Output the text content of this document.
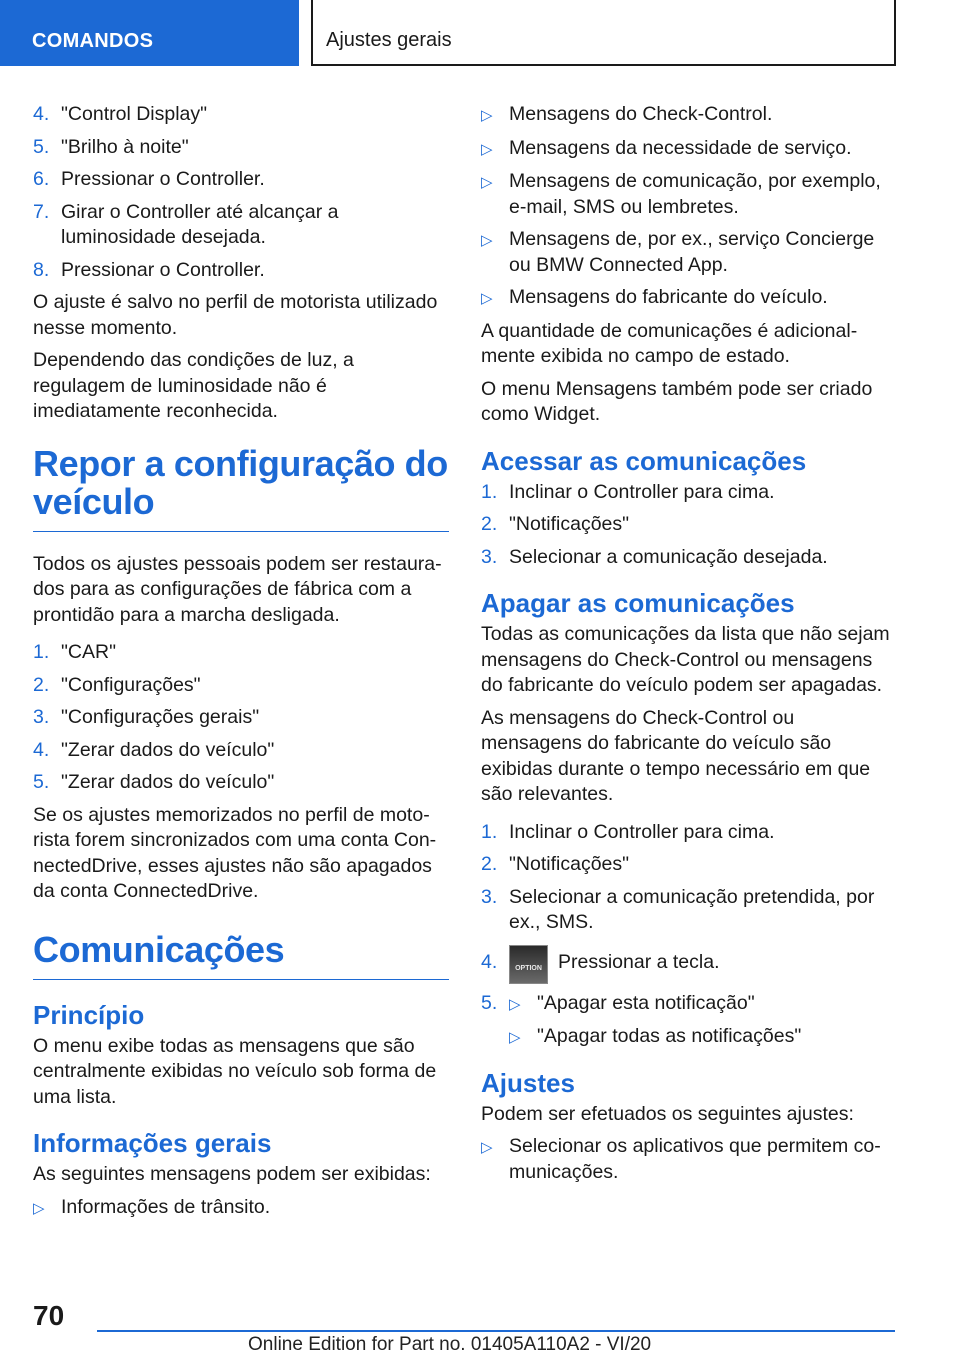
COMANDOS	Ajustes gerais
4. "Control Display"
5. "Brilho à noite"
6. Pressionar o Controller.
7. Girar o Controller até alcançar a luminosidade desejada.
8. Pressionar o Controller.

O ajuste é salvo no perfil de motorista utilizado nesse momento.

Dependendo das condições de luz, a regulagem de luminosidade não é imediatamente reconhecida.

Repor a configuração do veículo

Todos os ajustes pessoais podem ser restaurados para as configurações de fábrica com a prontidão para a marcha desligada.

1. "CAR"
2. "Configurações"
3. "Configurações gerais"
4. "Zerar dados do veículo"
5. "Zerar dados do veículo"

Se os ajustes memorizados no perfil de motorista forem sincronizados com uma conta ConnectedDrive, esses ajustes não são apagados da conta ConnectedDrive.

Comunicações
Princípio

O menu exibe todas as mensagens que são centralmente exibidas no veículo sob forma de uma lista.

Informações gerais

As seguintes mensagens podem ser exibidas:

▷ Informações de trânsito.
▷ Mensagens do Check-Control.
▷ Mensagens da necessidade de serviço.
▷ Mensagens de comunicação, por exemplo, e-mail, SMS ou lembretes.
▷ Mensagens de, por ex., serviço Concierge ou BMW Connected App.
▷ Mensagens do fabricante do veículo.

A quantidade de comunicações é adicionalmente exibida no campo de estado.

O menu Mensagens também pode ser criado como Widget.

Acessar as comunicações
1. Inclinar o Controller para cima.
2. "Notificações"
3. Selecionar a comunicação desejada.
Apagar as comunicações

Todas as comunicações da lista que não sejam mensagens do Check-Control ou mensagens do fabricante do veículo podem ser apagadas.

As mensagens do Check-Control ou mensagens do fabricante do veículo são exibidas durante o tempo necessário em que são relevantes.

1. Inclinar o Controller para cima.
2. "Notificações"
3. Selecionar a comunicação pretendida, por ex., SMS.
4.	OPTION Pressionar a tecla.
5. ▷ "Apagar esta notificação"
▷ "Apagar todas as notificações"
Ajustes

Podem ser efetuados os seguintes ajustes:

▷ Selecionar os aplicativos que permitem comunicações.
70
Online Edition for Part no. 01405A110A2 - VI/20
